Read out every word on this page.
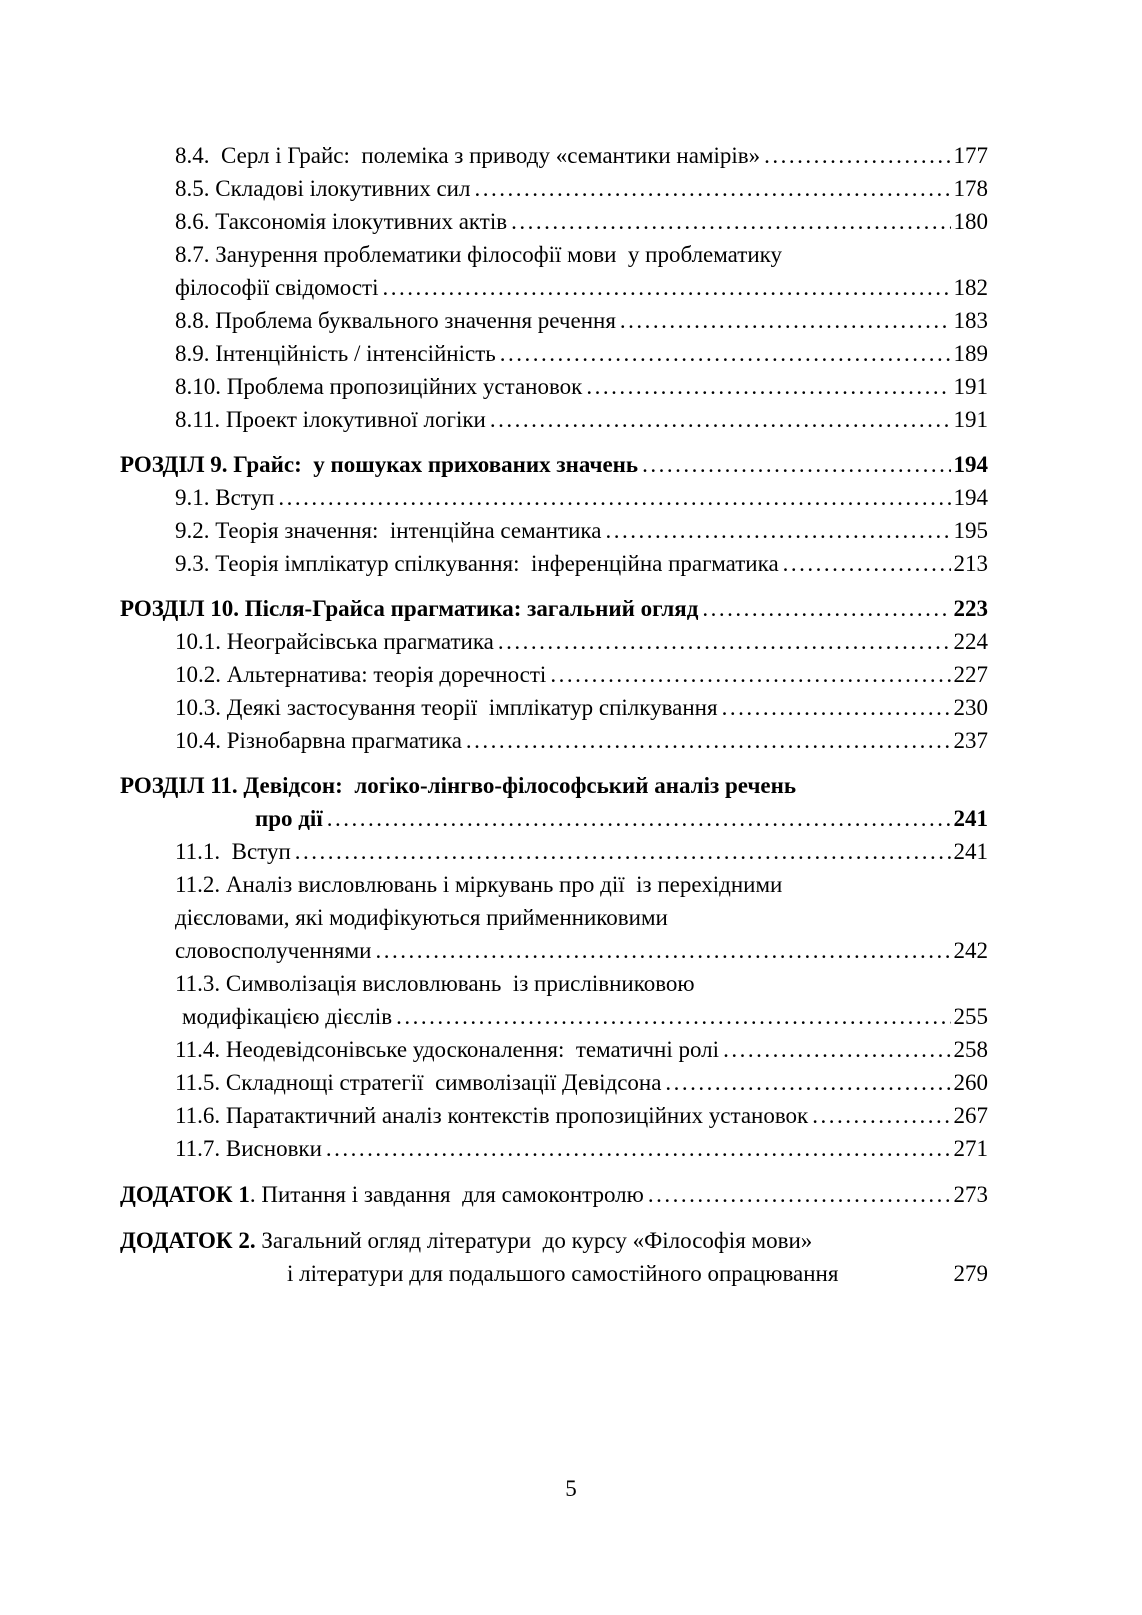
8.4.  Серл і Грайс:  полеміка з приводу «семантики намірів» .....	177
8.5. Складові ілокутивних сил .....	178
8.6. Таксономія ілокутивних актів .....	180
8.7. Занурення проблематики філософії мови  у проблематику
філософії свідомості .....	182
8.8. Проблема буквального значення речення .....	183
8.9. Інтенційність / інтенсійність .....	189
8.10. Проблема пропозиційних установок .....	191
8.11. Проект ілокутивної логіки .....	191
РОЗДІЛ 9. Грайс:  у пошуках прихованих значень .....	194
9.1. Вступ .....	194
9.2. Теорія значення:  інтенційна семантика .....	195
9.3. Теорія імплікатур спілкування:  інференційна прагматика .....	213
РОЗДІЛ 10. Після-Грайса прагматика: загальний огляд .....	223
10.1. Неограйсівська прагматика .....	224
10.2. Альтернатива: теорія доречності .....	227
10.3. Деякі застосування теорії  імплікатур спілкування .....	230
10.4. Різнобарвна прагматика .....	237
РОЗДІЛ 11. Девідсон:  логіко-лінгво-філософський аналіз речень
про дії .....	241
11.1.  Вступ .....	241
11.2. Аналіз висловлювань і міркувань про дії  із перехідними
дієсловами, які модифікуються прийменниковими
словосполученнями .....	242
11.3. Символізація висловлювань  із прислівниковою
модифікацією дієслів .....	255
11.4. Неодевідсонівське удосконалення:  тематичні ролі .....	258
11.5. Складнощі стратегії  символізації Девідсона .....	260
11.6. Паратактичний аналіз контекстів пропозиційних установок .....	267
11.7. Висновки .....	271
ДОДАТОК 1. Питання і завдання  для самоконтролю .....	273
ДОДАТОК 2. Загальний огляд літератури  до курсу «Філософія мови»
і літератури для подальшого самостійного опрацювання	279
5
